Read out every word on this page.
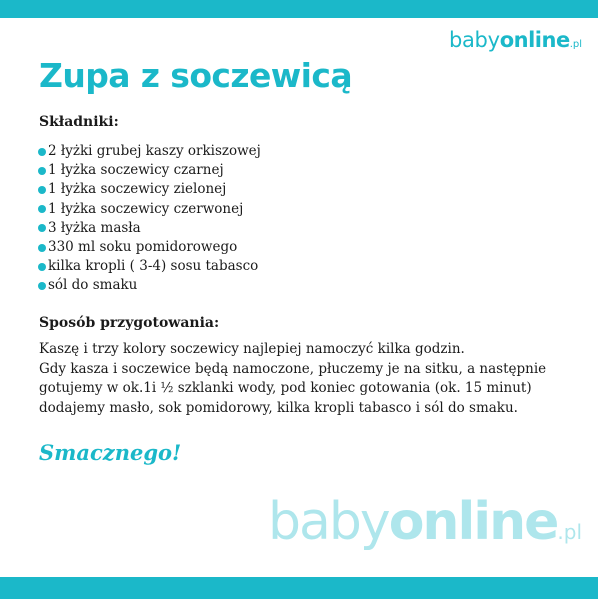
babyonline.pl
Zupa z soczewicą
Składniki:
2 łyżki grubej kaszy orkiszowej
1 łyżka soczewicy czarnej
1 łyżka soczewicy zielonej
1 łyżka soczewicy czerwonej
3 łyżka masła
330 ml soku pomidorowego
kilka kropli ( 3-4) sosu tabasco
sól do smaku
Sposób przygotowania:

Kaszę i trzy kolory soczewicy najlepiej namoczyć kilka godzin.
Gdy kasza i soczewice będą namoczone, płuczemy je na sitku, a następnie
gotujemy w ok.1i ½ szklanki wody, pod koniec gotowania (ok. 15 minut)
dodajemy masło, sok pomidorowy, kilka kropli tabasco i sól do smaku.

Smacznego!

babyonline.pl
